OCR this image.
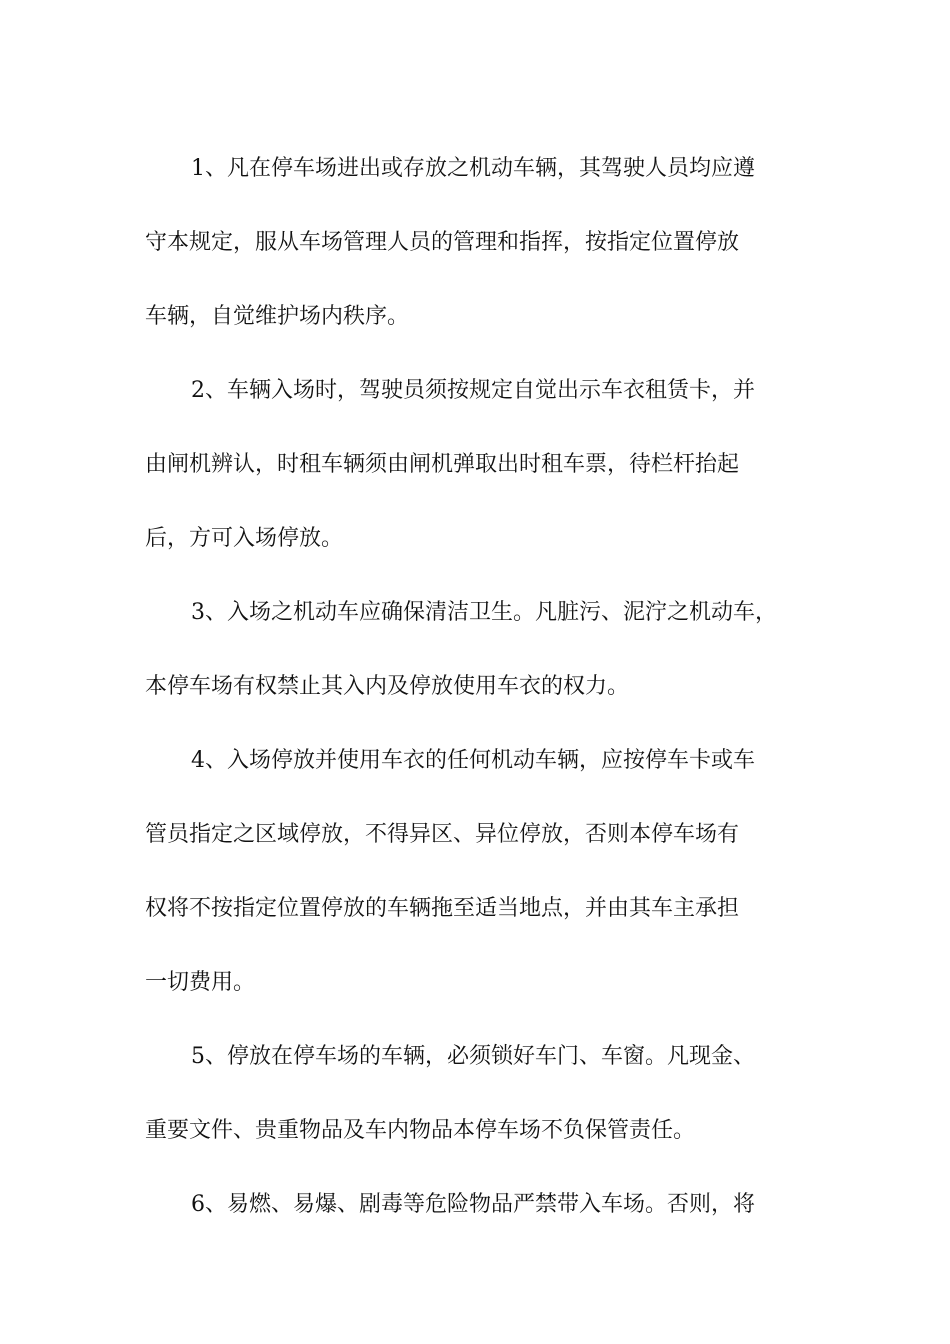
1、凡在停车场进出或存放之机动车辆，其驾驶人员均应遵
守本规定，服从车场管理人员的管理和指挥，按指定位置停放
车辆，自觉维护场内秩序。

2、车辆入场时，驾驶员须按规定自觉出示车衣租赁卡，并
由闸机辨认，时租车辆须由闸机弹取出时租车票，待栏杆抬起
后，方可入场停放。

3、入场之机动车应确保清洁卫生。凡脏污、泥泞之机动车，
本停车场有权禁止其入内及停放使用车衣的权力。

4、入场停放并使用车衣的任何机动车辆，应按停车卡或车
管员指定之区域停放，不得异区、异位停放，否则本停车场有
权将不按指定位置停放的车辆拖至适当地点，并由其车主承担
一切费用。

5、停放在停车场的车辆，必须锁好车门、车窗。凡现金、
重要文件、贵重物品及车内物品本停车场不负保管责任。

6、易燃、易爆、剧毒等危险物品严禁带入车场。否则，将
